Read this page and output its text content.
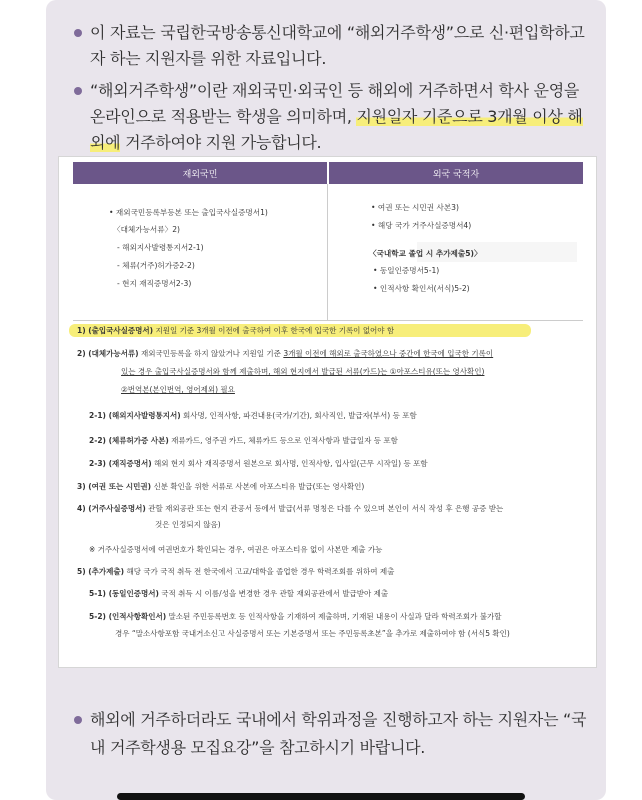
이 자료는 국립한국방송통신대학교에 “해외거주학생”으로 신·편입학하고자 하는 지원자를 위한 자료입니다.
“해외거주학생”이란 재외국민·외국인 등 해외에 거주하면서 학사 운영을 온라인으로 적용받는 학생을 의미하며, 지원일자 기준으로 3개월 이상 해외에 거주하여야 지원 가능합니다.
재외국민	외국 국적자
• 재외국민등록부등본 또는 출입국사실증명서1)
〈대체가능서류〉2)
- 해외지사발령통지서2-1)
- 체류(거주)허가증2-2)
- 현지 재직증명서2-3)
• 여권 또는 시민권 사본3)
• 해당 국가 거주사실증명서4)
〈국내학교 졸업 시 추가제출5)〉
• 동일인증명서5-1)
• 인적사항 확인서(서식)5-2)
1) (출입국사실증명서) 지원일 기준 3개월 이전에 출국하여 이후 한국에 입국한 기록이 없어야 함
2) (대체가능서류) 재외국민등록을 하지 않았거나 지원일 기준 3개월 이전에 해외로 출국하였으나 중간에 한국에 입국한 기록이
있는 경우 출입국사실증명서와 함께 제출하며, 해외 현지에서 발급된 서류(카드)는 ①아포스티유(또는 영사확인)
②번역본(본인번역, 영어제외) 필요
2-1) (해외지사발령통지서) 회사명, 인적사항, 파견내용(국가/기간), 회사직인, 발급자(부서) 등 포함
2-2) (체류허가증 사본) 재류카드, 영주권 카드, 체류카드 등으로 인적사항과 발급일자 등 포함
2-3) (재직증명서) 해외 현지 회사 재직증명서 원본으로 회사명, 인적사항, 입사일(근무 시작일) 등 포함
3) (여권 또는 시민권) 신분 확인을 위한 서류로 사본에 아포스티유 발급(또는 영사확인)
4) (거주사실증명서) 관할 재외공관 또는 현지 관공서 등에서 발급(서류 명칭은 다를 수 있으며 본인이 서식 작성 후 은행 공증 받는
것은 인정되지 않음)
※ 거주사실증명서에 여권번호가 확인되는 경우, 여권은 아포스티유 없이 사본만 제출 가능
5) (추가제출) 해당 국가 국적 취득 전 한국에서 고교/대학을 졸업한 경우 학력조회를 위하여 제출
5-1) (동일인증명서) 국적 취득 시 이름/성을 변경한 경우 관할 재외공관에서 발급받아 제출
5-2) (인적사항확인서) 말소된 주민등록번호 등 인적사항을 기재하여 제출하며, 기재된 내용이 사실과 달라 학력조회가 불가할
경우 “말소사항포함 국내거소신고 사실증명서 또는 기본증명서 또는 주민등록초본”을 추가로 제출하여야 함 (서식5 확인)
해외에 거주하더라도 국내에서 학위과정을 진행하고자 하는 지원자는 “국내 거주학생용 모집요강”을 참고하시기 바랍니다.
